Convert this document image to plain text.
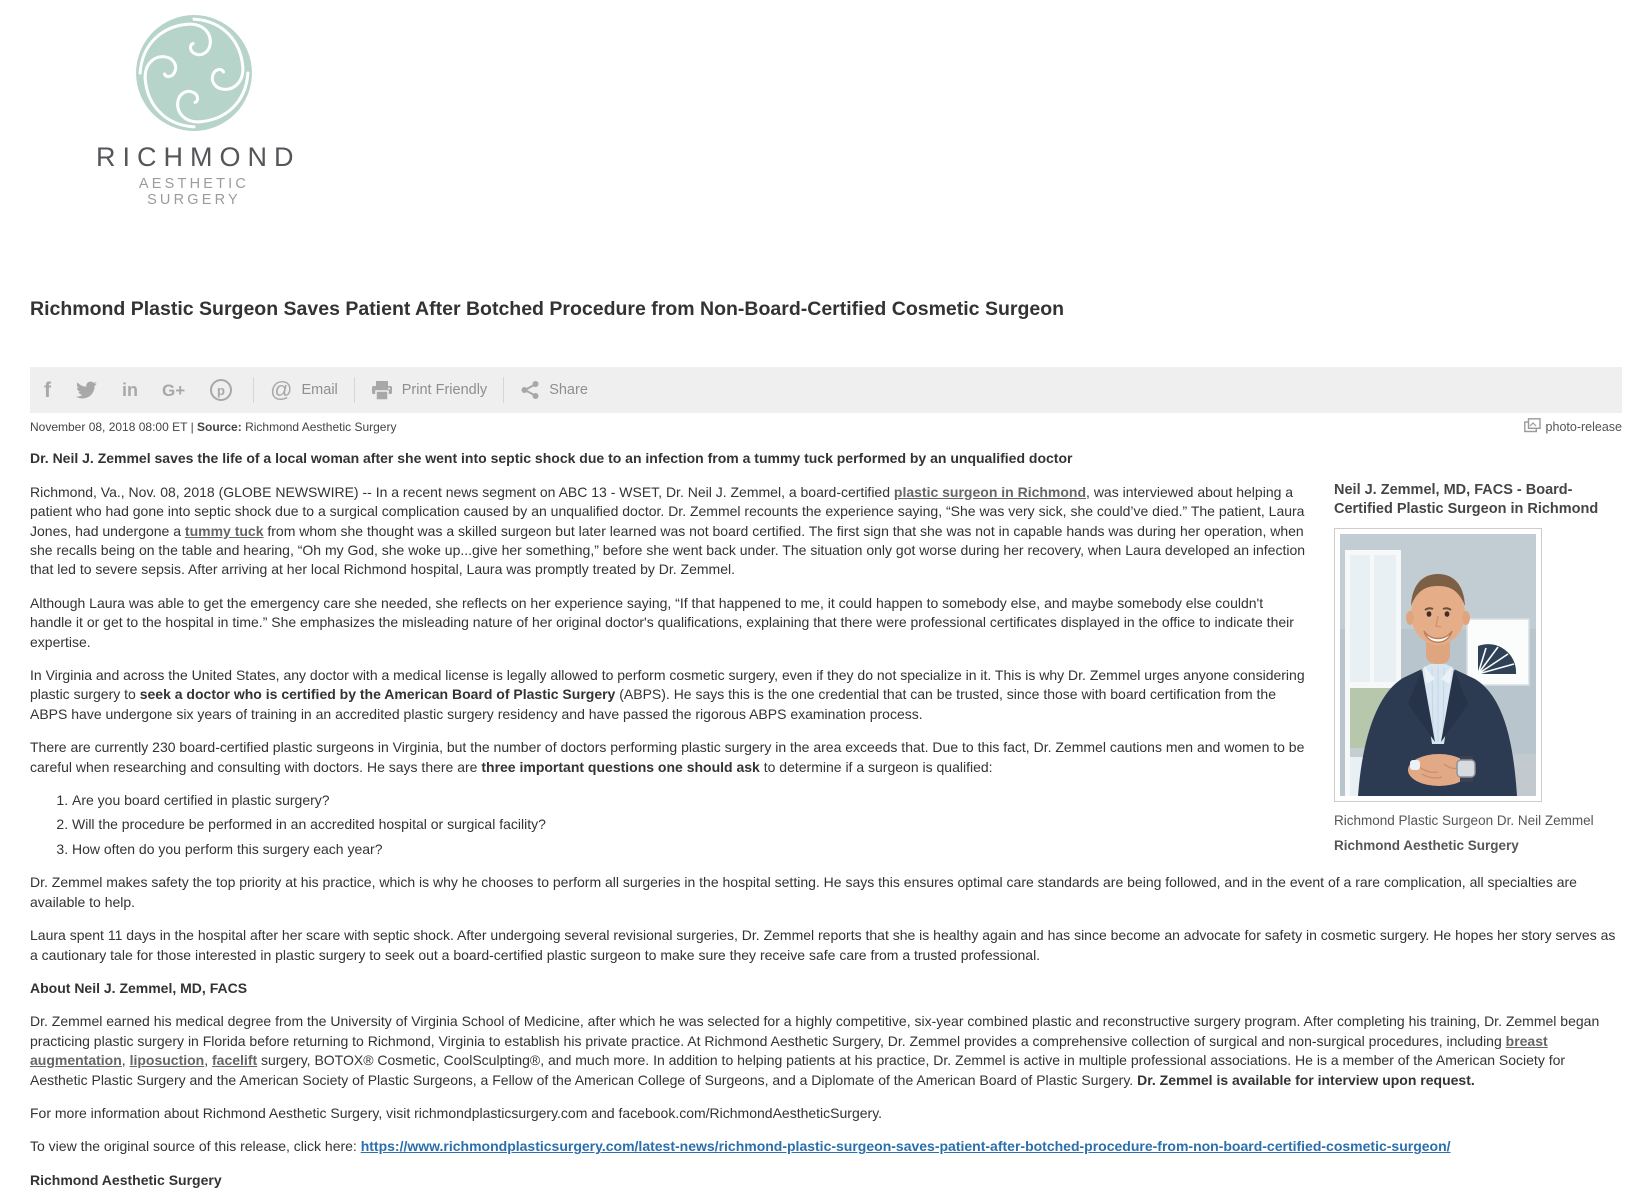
RICHMOND
AESTHETIC SURGERY
Richmond Plastic Surgeon Saves Patient After Botched Procedure from Non-Board-Certified Cosmetic Surgeon
f	in G+ p @ Email	Print Friendly	Share
November 08, 2018 08:00 ET | Source: Richmond Aesthetic Surgery	photo-release
Neil J. Zemmel, MD, FACS - Board-Certified Plastic Surgeon in Richmond
Richmond Plastic Surgeon Dr. Neil Zemmel
Richmond Aesthetic Surgery

Dr. Neil J. Zemmel saves the life of a local woman after she went into septic shock due to an infection from a tummy tuck performed by an unqualified doctor

Richmond, Va., Nov. 08, 2018 (GLOBE NEWSWIRE) -- In a recent news segment on ABC 13 - WSET, Dr. Neil J. Zemmel, a board-certified plastic surgeon in Richmond, was interviewed about helping a patient who had gone into septic shock due to a surgical complication caused by an unqualified doctor. Dr. Zemmel recounts the experience saying, “She was very sick, she could’ve died.” The patient, Laura Jones, had undergone a tummy tuck from whom she thought was a skilled surgeon but later learned was not board certified. The first sign that she was not in capable hands was during her operation, when she recalls being on the table and hearing, “Oh my God, she woke up...give her something,” before she went back under. The situation only got worse during her recovery, when Laura developed an infection that led to severe sepsis. After arriving at her local Richmond hospital, Laura was promptly treated by Dr. Zemmel.

Although Laura was able to get the emergency care she needed, she reflects on her experience saying, “If that happened to me, it could happen to somebody else, and maybe somebody else couldn't handle it or get to the hospital in time.” She emphasizes the misleading nature of her original doctor's qualifications, explaining that there were professional certificates displayed in the office to indicate their expertise.

In Virginia and across the United States, any doctor with a medical license is legally allowed to perform cosmetic surgery, even if they do not specialize in it. This is why Dr. Zemmel urges anyone considering plastic surgery to seek a doctor who is certified by the American Board of Plastic Surgery (ABPS). He says this is the one credential that can be trusted, since those with board certification from the ABPS have undergone six years of training in an accredited plastic surgery residency and have passed the rigorous ABPS examination process.

There are currently 230 board-certified plastic surgeons in Virginia, but the number of doctors performing plastic surgery in the area exceeds that. Due to this fact, Dr. Zemmel cautions men and women to be careful when researching and consulting with doctors. He says there are three important questions one should ask to determine if a surgeon is qualified:

1. Are you board certified in plastic surgery?
2. Will the procedure be performed in an accredited hospital or surgical facility?
3. How often do you perform this surgery each year?

Dr. Zemmel makes safety the top priority at his practice, which is why he chooses to perform all surgeries in the hospital setting. He says this ensures optimal care standards are being followed, and in the event of a rare complication, all specialties are available to help.

Laura spent 11 days in the hospital after her scare with septic shock. After undergoing several revisional surgeries, Dr. Zemmel reports that she is healthy again and has since become an advocate for safety in cosmetic surgery. He hopes her story serves as a cautionary tale for those interested in plastic surgery to seek out a board-certified plastic surgeon to make sure they receive safe care from a trusted professional.

About Neil J. Zemmel, MD, FACS

Dr. Zemmel earned his medical degree from the University of Virginia School of Medicine, after which he was selected for a highly competitive, six-year combined plastic and reconstructive surgery program. After completing his training, Dr. Zemmel began practicing plastic surgery in Florida before returning to Richmond, Virginia to establish his private practice. At Richmond Aesthetic Surgery, Dr. Zemmel provides a comprehensive collection of surgical and non-surgical procedures, including breast augmentation, liposuction, facelift surgery, BOTOX® Cosmetic, CoolSculpting®, and much more. In addition to helping patients at his practice, Dr. Zemmel is active in multiple professional associations. He is a member of the American Society for Aesthetic Plastic Surgery and the American Society of Plastic Surgeons, a Fellow of the American College of Surgeons, and a Diplomate of the American Board of Plastic Surgery. Dr. Zemmel is available for interview upon request.

For more information about Richmond Aesthetic Surgery, visit richmondplasticsurgery.com and facebook.com/RichmondAestheticSurgery.

To view the original source of this release, click here: https://www.richmondplasticsurgery.com/latest-news/richmond-plastic-surgeon-saves-patient-after-botched-procedure-from-non-board-certified-cosmetic-surgeon/

Richmond Aesthetic Surgery
